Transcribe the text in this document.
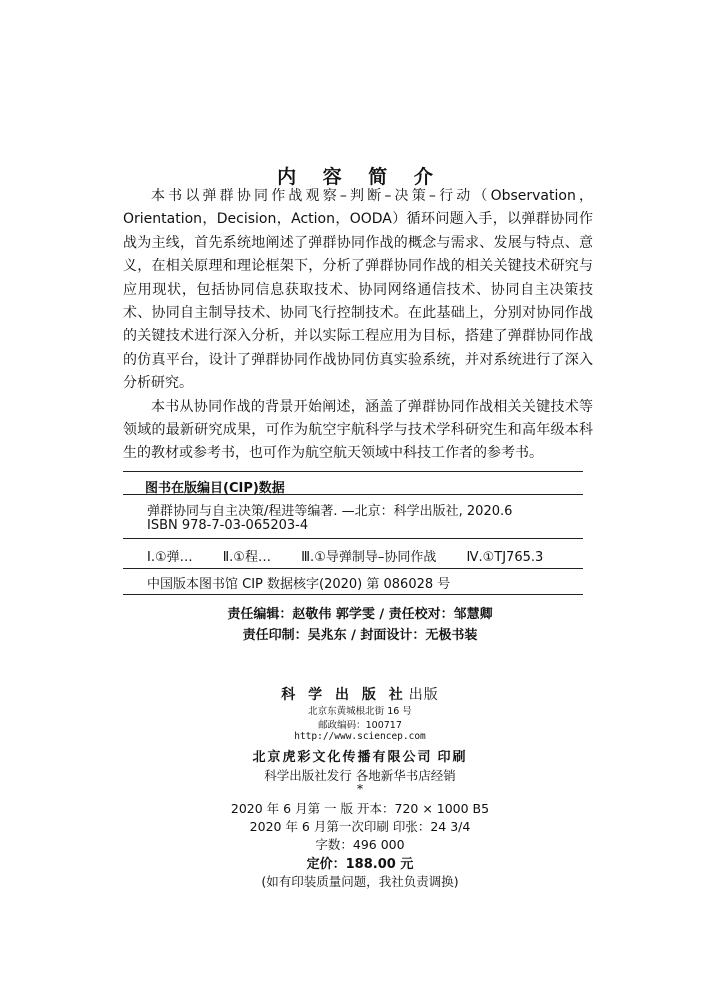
内 容 简 介

本书以弹群协同作战观察–判断–决策–行动（Observation，Orientation，Decision，Action，OODA）循环问题入手，以弹群协同作战为主线，首先系统地阐述了弹群协同作战的概念与需求、发展与特点、意义，在相关原理和理论框架下，分析了弹群协同作战的相关关键技术研究与应用现状，包括协同信息获取技术、协同网络通信技术、协同自主决策技术、协同自主制导技术、协同飞行控制技术。在此基础上，分别对协同作战的关键技术进行深入分析，并以实际工程应用为目标，搭建了弹群协同作战的仿真平台，设计了弹群协同作战协同仿真实验系统，并对系统进行了深入分析研究。

本书从协同作战的背景开始阐述，涵盖了弹群协同作战相关关键技术等领域的最新研究成果，可作为航空宇航科学与技术学科研究生和高年级本科生的教材或参考书，也可作为航空航天领域中科技工作者的参考书。

图书在版编目(CIP)数据
弹群协同与自主决策/程进等编著. —北京：科学出版社, 2020.6
ISBN 978-7-03-065203-4
Ⅰ.①弹… Ⅱ.①程… Ⅲ.①导弹制导–协同作战 Ⅳ.①TJ765.3
中国版本图书馆 CIP 数据核字(2020) 第 086028 号
责任编辑：赵敬伟 郭学雯 / 责任校对：邹慧卿
责任印制：吴兆东 / 封面设计：无极书装
科 学 出 版 社 出版
北京东黄城根北街 16 号
邮政编码：100717
http://www.sciencep.com
北京虎彩文化传播有限公司 印刷
科学出版社发行 各地新华书店经销
*
2020 年 6 月第 一 版 开本：720 × 1000 B5
2020 年 6 月第一次印刷 印张：24 3/4
字数：496 000
定价：188.00 元
(如有印装质量问题，我社负责调换)
